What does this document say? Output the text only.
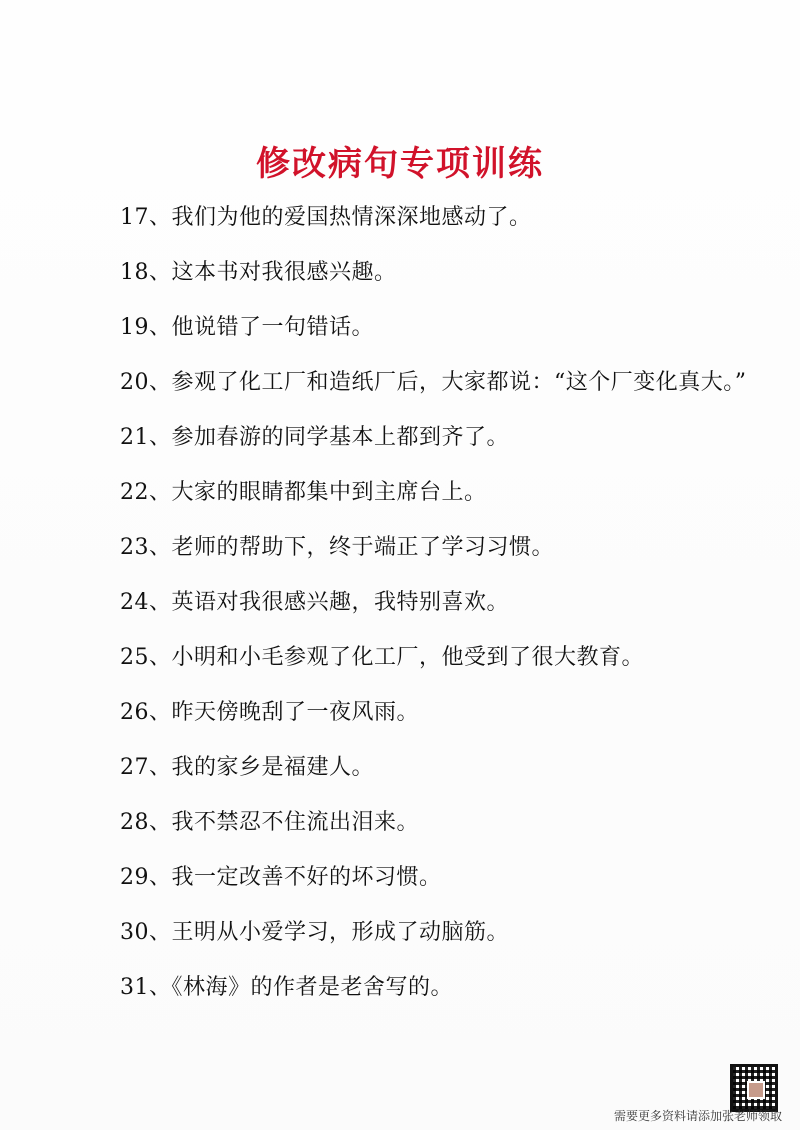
修改病句专项训练
17、我们为他的爱国热情深深地感动了。
18、这本书对我很感兴趣。
19、他说错了一句错话。
20、参观了化工厂和造纸厂后，大家都说：“这个厂变化真大。”
21、参加春游的同学基本上都到齐了。
22、大家的眼睛都集中到主席台上。
23、老师的帮助下，终于端正了学习习惯。
24、英语对我很感兴趣，我特别喜欢。
25、小明和小毛参观了化工厂，他受到了很大教育。
26、昨天傍晚刮了一夜风雨。
27、我的家乡是福建人。
28、我不禁忍不住流出泪来。
29、我一定改善不好的坏习惯。
30、王明从小爱学习，形成了动脑筋。
31、《林海》的作者是老舍写的。
需要更多资料请添加张老师领取
